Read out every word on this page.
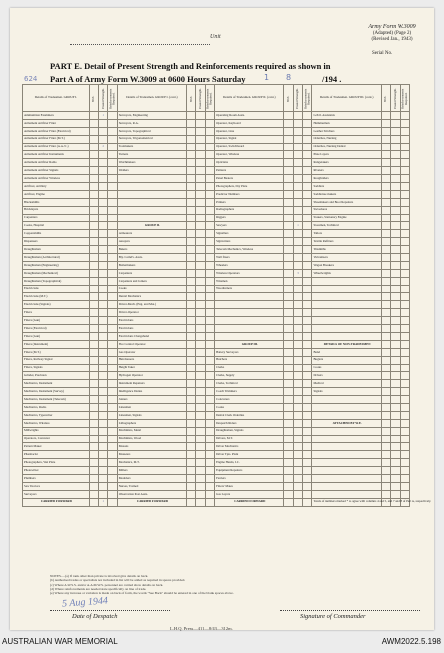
Unit
Army Form W.3009
(Adapted) (Page 2)
(Revised Jan., 1943)
Serial No.
624
PART E. Detail of Present Strength and Reinforcements required as shown in
Part A of Army Form W.3009 at 0600 Hours Saturday 1 8	/194 .
NOTES.—(a) If rank other than private is involved give details on back.
(b) Authorised trades or specialists not included in list will be added as required in spaces provided.
(c) Where A.W.S.S. and/or A.A.M.W.S. personnel are carried show details on back.
(d) Where reinforcements are needed state specifically on line of trade.
(e) Where any increase or variation is made on back of form, the words "See Back" should be entered in one of the blank spaces above.
5 Aug 1944
Date of Despatch	Signature of Commander
L.H.Q. Press—411—8/43—312m.
Details of Tradesmen. GROUP I.	W.E.	Posted Strength.	Reinforcements Required.	Details of Tradesmen. GROUP I. (cont.)	W.E.	Posted Strength.	Reinforcements Required.	Details of Tradesmen. GROUP II. (cont.)	W.E.	Posted Strength.	Reinforcements Required.	Details of Tradesmen. GROUP III. (cont.)	W.E.	Posted Strength.	Reinforcements Required.
Ammunition Examiners		1		Surveyors, Engineering				Operating Room Assts.				G.P.O. Assistants			
Armament Artificer Fitter				Surveyors, R.A.				Operator, Keyboard				Hammermen			
Armament Artificer Fitter (Electrical)				Surveyors, Topographical				Operator, Line				Leather Stitchers			
Armament Artificer Fitter (M.T.)				Surveyors, Trigonometrical				Operator, Signal				Orderlies, Nursing			
Armament Artificer Fitter (A.A./C.)		2		Toolmakers				Operator, Switchboard				Orderlies, Nursing Dental			
Armament Artificer Instruments				Turners				Operator, Wireless				Plate Layers			
Armament Artificer Radio				Watchmakers				Opticians				Rangetakers			
Armament Artificer Signals				Welders				Painters				Riveters			
Armament Artificer Wireless								Panel Beaters				Roughriders			
Artificer, Artillery								Photographers, Dry Plate				Saddlers			
Artificer, Engine								Predictor Numbers				Saddletree makers			
Blacksmiths								Printers				Shoemakers and Boot Repairers			
Bricklayers								Radiographers				Stevedores			
Carpenters								Riggers				Stokers, Stationary Engine			
Cooks, Hospital				GROUP II.				Sawyers		1		Storemen, Technical			
Coppersmiths				Armourers				Signallers				Tailors			
Dispensers				Assayers				Signwriters				Textile Refitters			
Draughtsmen				Bakers				Telecom Mechanics, Wireless				Tinsmiths			
Draughtsmen (Architectural)				Bty. Comd's. Assts.				Wall fixers				Vulcanisers			
Draughtsmen (Engineering)				Boilermakers				Wheelers				Wagon Breakers			
Draughtsmen (Mechanical)				Carpenters				Wireless Operators		3		Wheelwrights			
Draughtsmen (Topographical)				Carpenters and Joiners				Wiremen							
Electricians				Cooks				Woodturners							
Electricians (M.T.)				Dental Mechanics											
Electricians (Signals)				Driver-Mech. (Eng. and Mot.)											
Fitters				Driver-Operator											
Fitters (Gun)				Electricians											
Fitters (Electrical)				Electricians											
Fitters (Gun)				Electricians Chargehand											
Fitters (Instrument)				Fire Control Operator				GROUP III.				DETAILS OF NON-TRADESMEN			
Fitters (M.T.)				Gas Operator				Battery Surveyors				Band			
Fitters, Railway Signal				Hairdressers				Butchers				Buglers			
Fitters, Signals				Height Taker				Clerks				Cooks			
Grinder, Precision				Hydrogen Operator				Clerks, Supply				Drivers			
Mechanics, Instrument				Instrument Repairers				Clerks, Technical				Medical			
Mechanics, Instrument (Survey)				Intelligence Duties				Coach Trimmers				Signals			
Mechanics, Instrument (Telecom)				Joiners				Concreters							
Mechanics, Radio				Linesmen				Cooks							
Mechanics, Typewriter				Linesmen, Signals				Dental Clerk Orderlies							
Mechanics, Wireless				Lithographers				Despatch Riders				ATTACHED BY W.E.			
Millwrights				Machinists, Metal				Draughtsmen, Signals							
Operators, Concreter				Machinists, Wood				Drivers, M.T.							
Pattern Maker				Masons				Driver Mechanics							
Pharmacist				Masseurs				Driver Tpts. Plant							
Photographers, Wet Plate				Mechanics, M.T.				Engine Hands, I.C.							
Photowriter				Millers				Equipment Repairers							
Plumbers				Moulders				Farriers							
Saw Doctors				Nurses, Trained				Fitters' Mates							
Surveyors				Observation Post Assts.				Gas Layers							
CARRIED FORWARD		1		CARRIED FORWARD				CARRIED FORWARD				Totals of numbers marked * to agree with columns 4 and 5, and 7 and 8 of Part A, respectively.			
AUSTRALIAN WAR MEMORIAL	AWM2022.5.198
